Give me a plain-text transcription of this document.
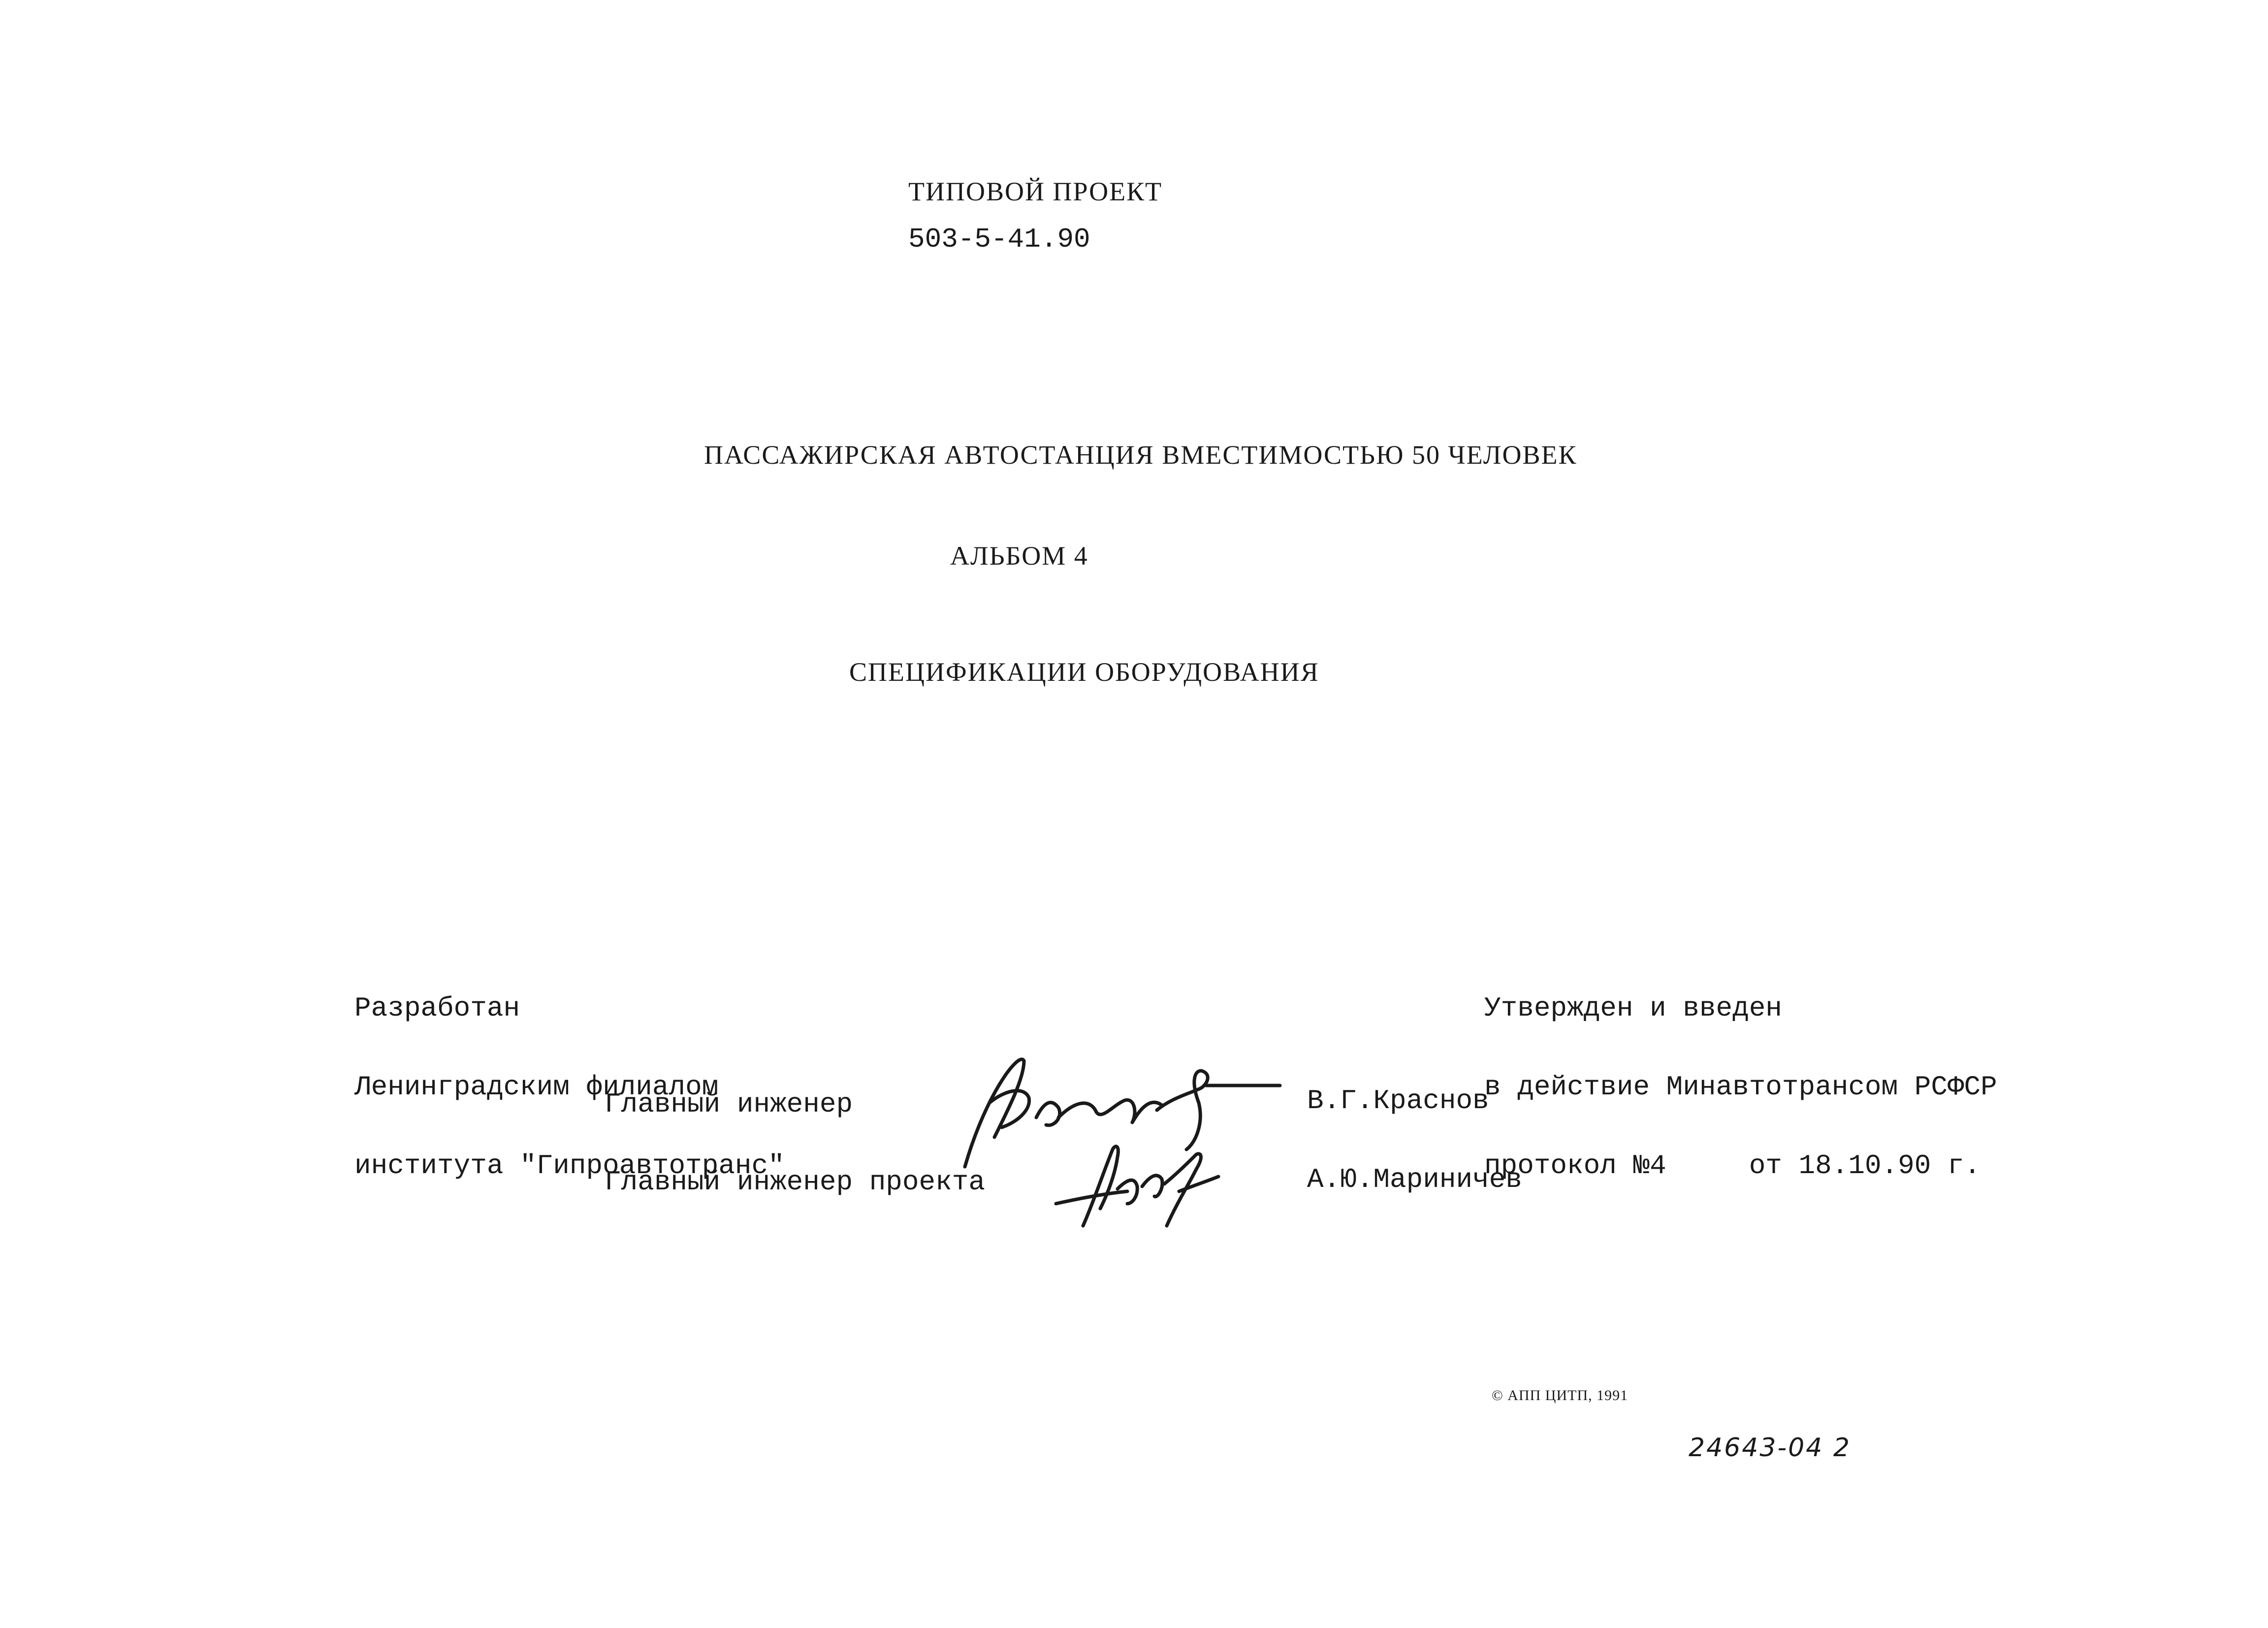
ТИПОВОЙ ПРОЕКТ
503-5-41.90
ПАССАЖИРСКАЯ АВТОСТАНЦИЯ ВМЕСТИМОСТЬЮ 50 ЧЕЛОВЕК
АЛЬБОМ 4
СПЕЦИФИКАЦИИ ОБОРУДОВАНИЯ

Разработан

Ленинградским филиалом

института "Гипроавтотранс"

Утвержден и введен

в действие Минавтотрансом РСФСР

протокол №4	от 18.10.90 г.

Главный инженер	В.Г.Краснов
Главный инженер проекта	А.Ю.Мариничев
© АПП ЦИТП, 1991
24643-04 2
